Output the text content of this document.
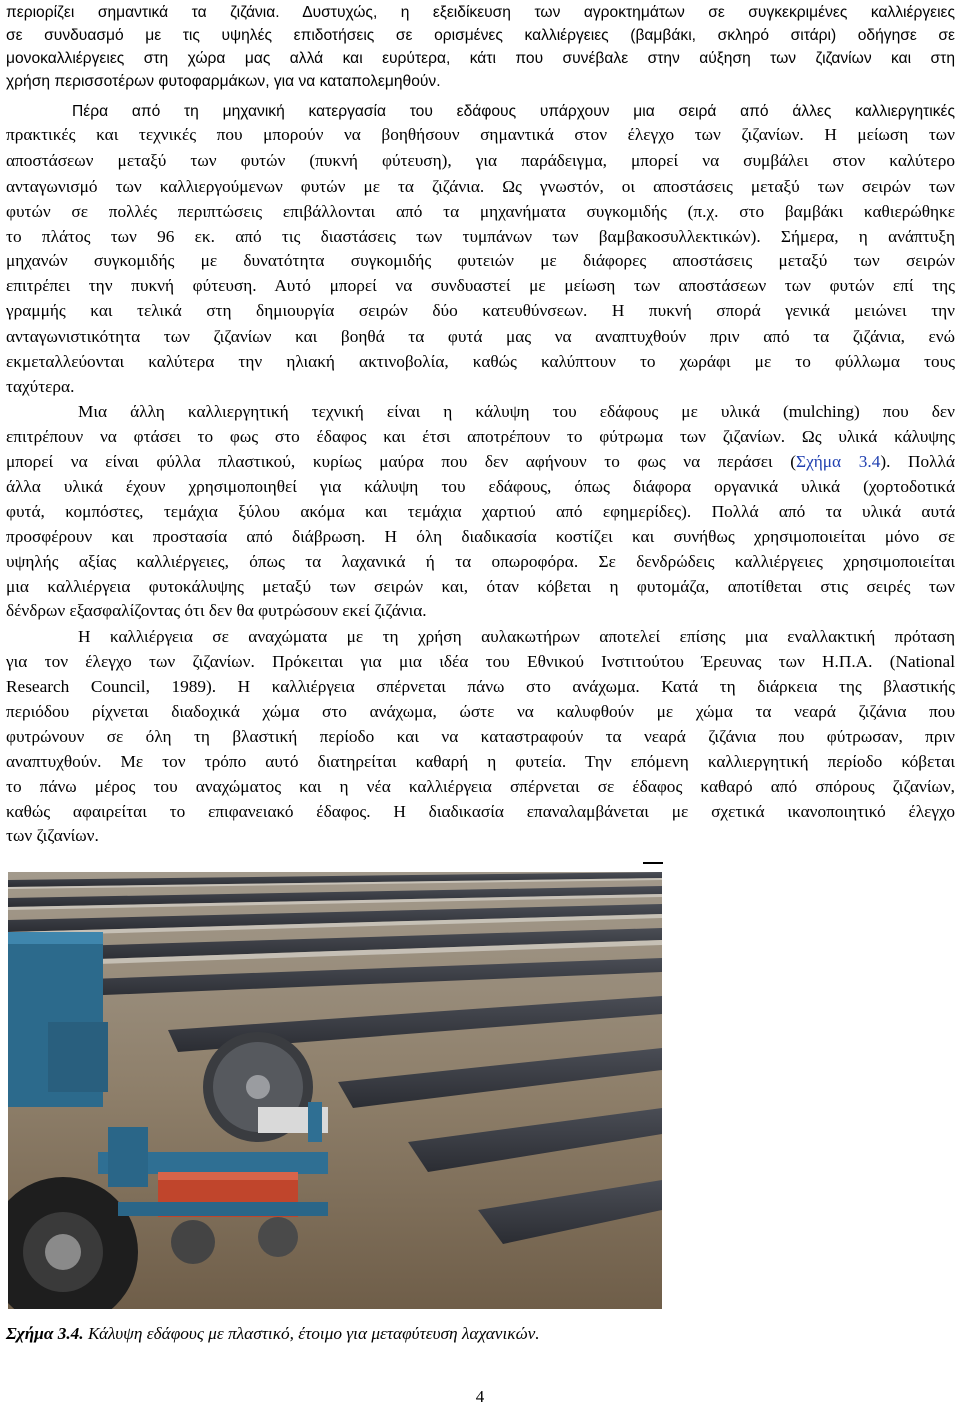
περιορίζει σημαντικά τα ζιζάνια. Δυστυχώς, η εξειδίκευση των αγροκτημάτων σε συγκεκριμένες καλλιέργειες
σε συνδυασμό με τις υψηλές επιδοτήσεις σε ορισμένες καλλιέργειες (βαμβάκι, σκληρό σιτάρι) οδήγησε σε
μονοκαλλιέργειες στη χώρα μας αλλά και ευρύτερα, κάτι που συνέβαλε στην αύξηση των ζιζανίων και στη
χρήση περισσοτέρων φυτοφαρμάκων, για να καταπολεμηθούν.
Πέρα από τη μηχανική κατεργασία του εδάφους υπάρχουν μια σειρά από άλλες καλλιεργητικές
πρακτικές και τεχνικές που μπορούν να βοηθήσουν σημαντικά στον έλεγχο των ζιζανίων. Η μείωση των
αποστάσεων μεταξύ των φυτών (πυκνή φύτευση), για παράδειγμα, μπορεί να συμβάλει στον καλύτερο
ανταγωνισμό των καλλιεργούμενων φυτών με τα ζιζάνια. Ως γνωστόν, οι αποστάσεις μεταξύ των σειρών των
φυτών σε πολλές περιπτώσεις επιβάλλονται από τα μηχανήματα συγκομιδής (π.χ. στο βαμβάκι καθιερώθηκε
το πλάτος των 96 εκ. από τις διαστάσεις των τυμπάνων των βαμβακοσυλλεκτικών). Σήμερα, η ανάπτυξη
μηχανών συγκομιδής με δυνατότητα συγκομιδής φυτειών με διάφορες αποστάσεις μεταξύ των σειρών
επιτρέπει την πυκνή φύτευση. Αυτό μπορεί να συνδυαστεί με μείωση των αποστάσεων των φυτών επί της
γραμμής και τελικά στη δημιουργία σειρών δύο κατευθύνσεων. Η πυκνή σπορά γενικά μειώνει την
ανταγωνιστικότητα των ζιζανίων και βοηθά τα φυτά μας να αναπτυχθούν πριν από τα ζιζάνια, ενώ
εκμεταλλεύονται καλύτερα την ηλιακή ακτινοβολία, καθώς καλύπτουν το χωράφι με το φύλλωμα τους
ταχύτερα.
Μια άλλη καλλιεργητική τεχνική είναι η κάλυψη του εδάφους με υλικά (mulching) που δεν
επιτρέπουν να φτάσει το φως στο έδαφος και έτσι αποτρέπουν το φύτρωμα των ζιζανίων. Ως υλικά κάλυψης
μπορεί να είναι φύλλα πλαστικού, κυρίως μαύρα που δεν αφήνουν το φως να περάσει (Σχήμα 3.4). Πολλά
άλλα υλικά έχουν χρησιμοποιηθεί για κάλυψη του εδάφους, όπως διάφορα οργανικά υλικά (χορτοδοτικά
φυτά, κομπόστες, τεμάχια ξύλου ακόμα και τεμάχια χαρτιού από εφημερίδες). Πολλά από τα υλικά αυτά
προσφέρουν και προστασία από διάβρωση. Η όλη διαδικασία κοστίζει και συνήθως χρησιμοποιείται μόνο σε
υψηλής αξίας καλλιέργειες, όπως τα λαχανικά ή τα οπωροφόρα. Σε δενδρώδεις καλλιέργειες χρησιμοποιείται
μια καλλιέργεια φυτοκάλυψης μεταξύ των σειρών και, όταν κόβεται η φυτομάζα, αποτίθεται στις σειρές των
δένδρων εξασφαλίζοντας ότι δεν θα φυτρώσουν εκεί ζιζάνια.
Η καλλιέργεια σε αναχώματα με τη χρήση αυλακωτήρων αποτελεί επίσης μια εναλλακτική πρόταση
για τον έλεγχο των ζιζανίων. Πρόκειται για μια ιδέα του Εθνικού Ινστιτούτου Έρευνας των Η.Π.Α. (National
Research Council, 1989). Η καλλιέργεια σπέρνεται πάνω στο ανάχωμα. Κατά τη διάρκεια της βλαστικής
περιόδου ρίχνεται διαδοχικά χώμα στο ανάχωμα, ώστε να καλυφθούν με χώμα τα νεαρά ζιζάνια που
φυτρώνουν σε όλη τη βλαστική περίοδο και να καταστραφούν τα νεαρά ζιζάνια που φύτρωσαν, πριν
αναπτυχθούν. Με τον τρόπο αυτό διατηρείται καθαρή η φυτεία. Την επόμενη καλλιεργητική περίοδο κόβεται
το πάνω μέρος του αναχώματος και η νέα καλλιέργεια σπέρνεται σε έδαφος καθαρό από σπόρους ζιζανίων,
καθώς αφαιρείται το επιφανειακό έδαφος. Η διαδικασία επαναλαμβάνεται με σχετικά ικανοποιητικό έλεγχο
των ζιζανίων.
Σχήμα 3.4. Κάλυψη εδάφους με πλαστικό, έτοιμο για μεταφύτευση λαχανικών.
4
